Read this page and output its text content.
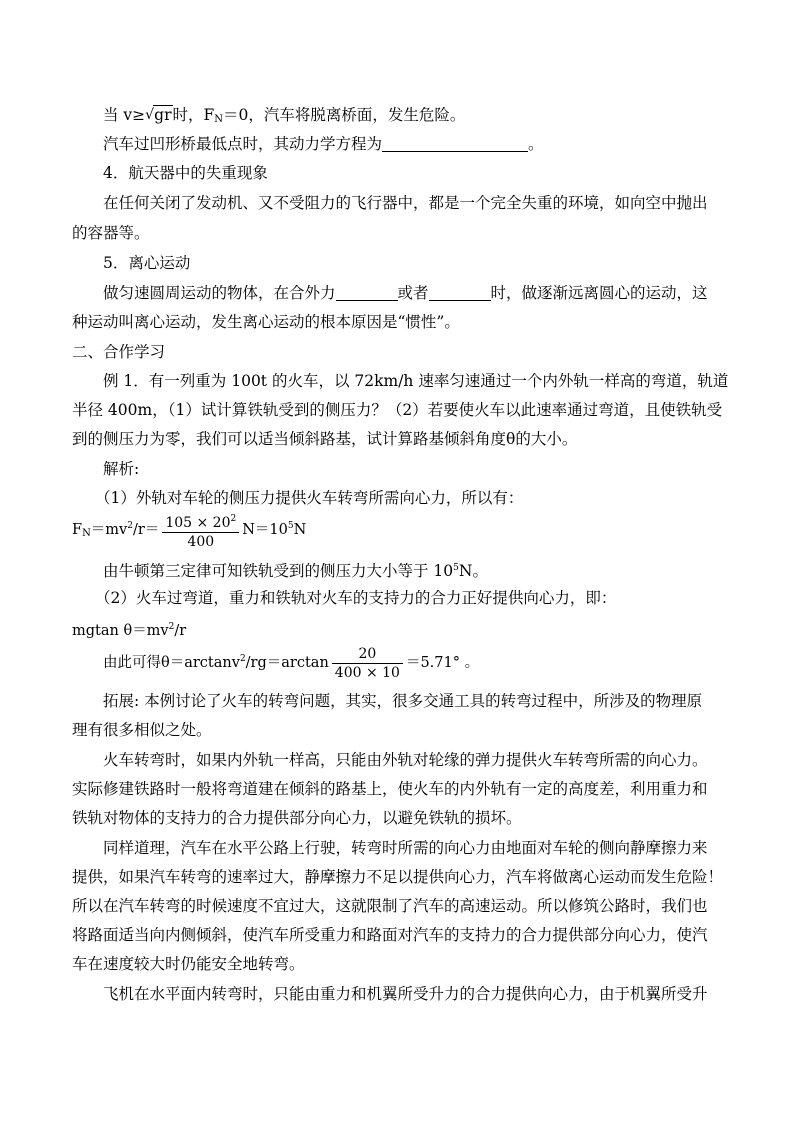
当 v≥ √ gr时，$F_N=0$，汽车将脱离桥面，发生危险。
汽车过凹形桥最低点时，其动力学方程为	。
4．航天器中的失重现象
在任何关闭了发动机、又不受阻力的飞行器中，都是一个完全失重的环境，如向空中抛出
的容器等。
5．离心运动
做匀速圆周运动的物体，在合外力	或者	时，做逐渐远离圆心的运动，这
种运动叫离心运动，发生离心运动的根本原因是“惯性”。
二、合作学习
例 1．有一列重为 100t 的火车，以 72km/h 速率匀速通过一个内外轨一样高的弯道，轨道
半径 400m，（1）试计算铁轨受到的侧压力？（2）若要使火车以此速率通过弯道，且使铁轨受
到的侧压力为零，我们可以适当倾斜路基，试计算路基倾斜角度θ的大小。
解析:
（1）外轨对车轮的侧压力提供火车转弯所需向心力，所以有：
$F_N=mv^2/r= \frac{105 \times 20^2}{400} N=10^5N$
由牛顿第三定律可知铁轨受到的侧压力大小等于 $10^5N$。
（2）火车过弯道，重力和铁轨对火车的支持力的合力正好提供向心力，即：
mgtan $\theta=mv^2/r$
由此可得$\theta=\arctan v^2/rg=\arctan \frac{20}{400 \times 10} =5.71^\circ$ 。
拓展: 本例讨论了火车的转弯问题，其实，很多交通工具的转弯过程中，所涉及的物理原
理有很多相似之处。
火车转弯时，如果内外轨一样高，只能由外轨对轮缘的弹力提供火车转弯所需的向心力。
实际修建铁路时一般将弯道建在倾斜的路基上，使火车的内外轨有一定的高度差，利用重力和
铁轨对物体的支持力的合力提供部分向心力，以避免铁轨的损坏。
同样道理，汽车在水平公路上行驶，转弯时所需的向心力由地面对车轮的侧向静摩擦力来
提供，如果汽车转弯的速率过大，静摩擦力不足以提供向心力，汽车将做离心运动而发生危险！
所以在汽车转弯的时候速度不宜过大，这就限制了汽车的高速运动。所以修筑公路时，我们也
将路面适当向内侧倾斜，使汽车所受重力和路面对汽车的支持力的合力提供部分向心力，使汽
车在速度较大时仍能安全地转弯。
飞机在水平面内转弯时，只能由重力和机翼所受升力的合力提供向心力，由于机翼所受升
